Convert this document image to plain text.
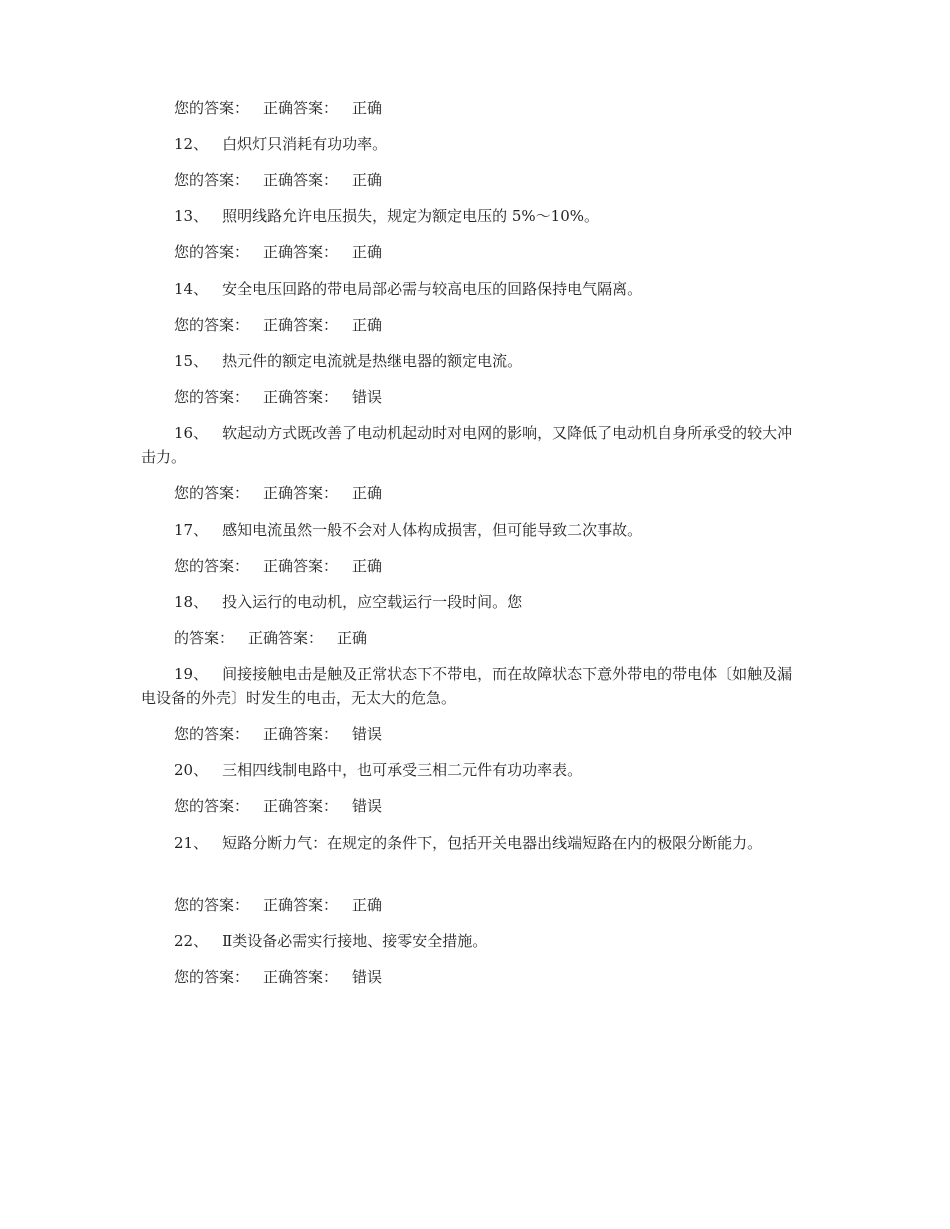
您的答案： 正确答案： 正确
12、 白炽灯只消耗有功功率。
您的答案： 正确答案： 正确
13、 照明线路允许电压损失，规定为额定电压的 5%～10%。
您的答案： 正确答案： 正确
14、 安全电压回路的带电局部必需与较高电压的回路保持电气隔离。
您的答案： 正确答案： 正确
15、 热元件的额定电流就是热继电器的额定电流。
您的答案： 正确答案： 错误
16、 软起动方式既改善了电动机起动时对电网的影响，又降低了电动机自身所承受的较大冲击力。
您的答案： 正确答案： 正确
17、 感知电流虽然一般不会对人体构成损害，但可能导致二次事故。
您的答案： 正确答案： 正确
18、 投入运行的电动机，应空载运行一段时间。您
的答案： 正确答案： 正确
19、 间接接触电击是触及正常状态下不带电，而在故障状态下意外带电的带电体〔如触及漏电设备的外壳〕时发生的电击，无太大的危急。
您的答案： 正确答案： 错误
20、 三相四线制电路中，也可承受三相二元件有功功率表。
您的答案： 正确答案： 错误
21、 短路分断力气：在规定的条件下，包括开关电器出线端短路在内的极限分断能力。
您的答案： 正确答案： 正确
22、 Ⅱ类设备必需实行接地、接零安全措施。
您的答案： 正确答案： 错误
